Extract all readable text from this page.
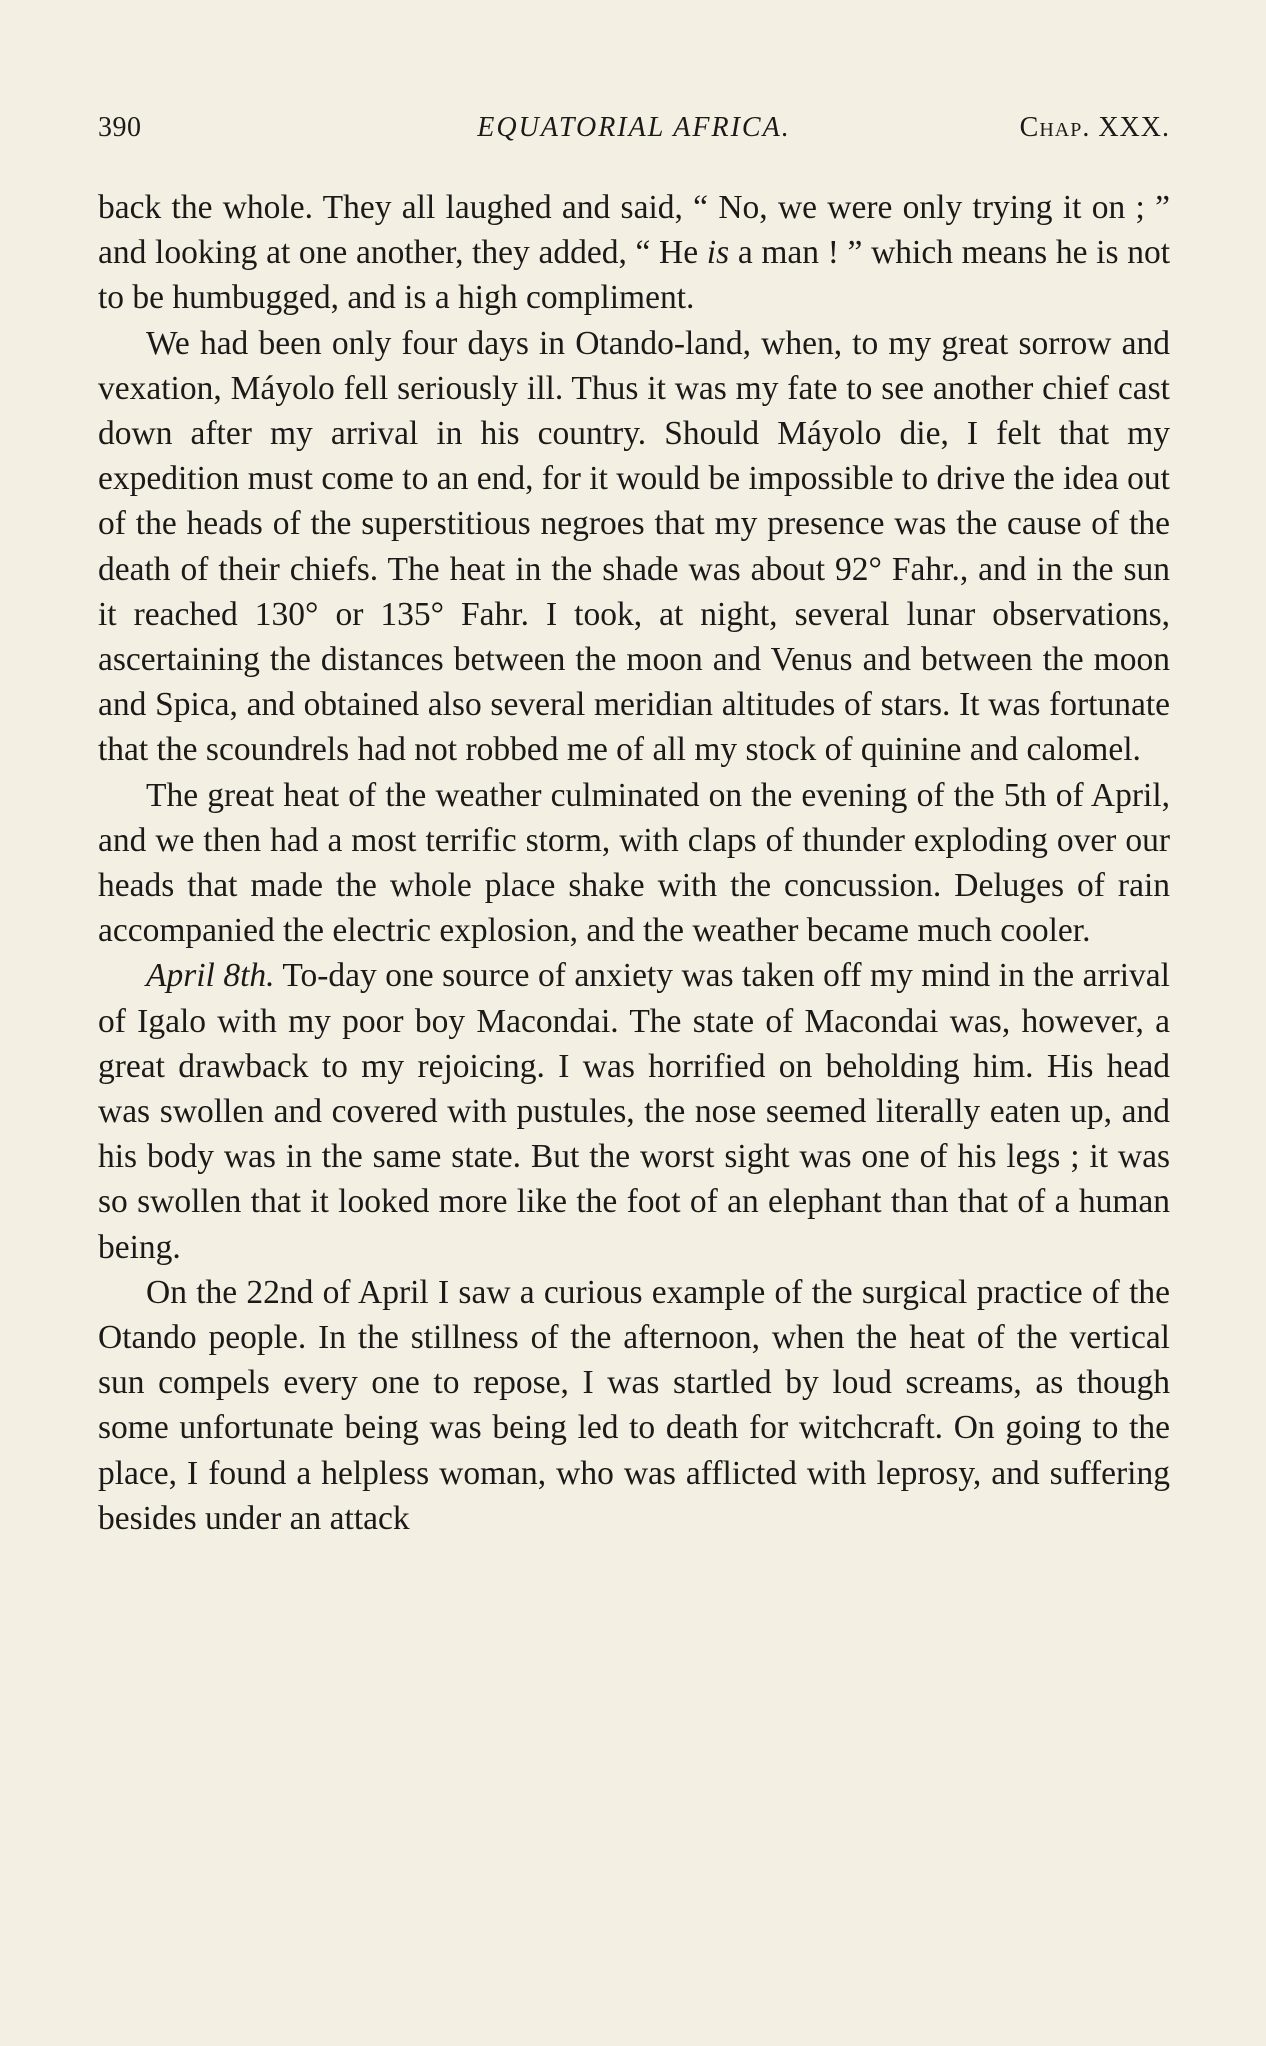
390	EQUATORIAL AFRICA.	Chap. XXX.

back the whole. They all laughed and said, “ No, we were only trying it on ; ” and looking at one another, they added, “ He is a man ! ” which means he is not to be humbugged, and is a high compliment.

We had been only four days in Otando-land, when, to my great sorrow and vexation, Máyolo fell seriously ill. Thus it was my fate to see another chief cast down after my arrival in his country. Should Máyolo die, I felt that my expedition must come to an end, for it would be impossible to drive the idea out of the heads of the superstitious negroes that my presence was the cause of the death of their chiefs. The heat in the shade was about 92° Fahr., and in the sun it reached 130° or 135° Fahr. I took, at night, several lunar observations, ascertaining the distances between the moon and Venus and between the moon and Spica, and obtained also several meridian altitudes of stars. It was fortunate that the scoundrels had not robbed me of all my stock of quinine and calomel.

The great heat of the weather culminated on the evening of the 5th of April, and we then had a most terrific storm, with claps of thunder exploding over our heads that made the whole place shake with the concussion. Deluges of rain accompanied the electric explosion, and the weather became much cooler.

April 8th. To-day one source of anxiety was taken off my mind in the arrival of Igalo with my poor boy Macondai. The state of Macondai was, however, a great drawback to my rejoicing. I was horrified on beholding him. His head was swollen and covered with pustules, the nose seemed literally eaten up, and his body was in the same state. But the worst sight was one of his legs ; it was so swollen that it looked more like the foot of an elephant than that of a human being.

On the 22nd of April I saw a curious example of the surgical practice of the Otando people. In the stillness of the afternoon, when the heat of the vertical sun compels every one to repose, I was startled by loud screams, as though some unfortunate being was being led to death for witchcraft. On going to the place, I found a helpless woman, who was afflicted with leprosy, and suffering besides under an attack
